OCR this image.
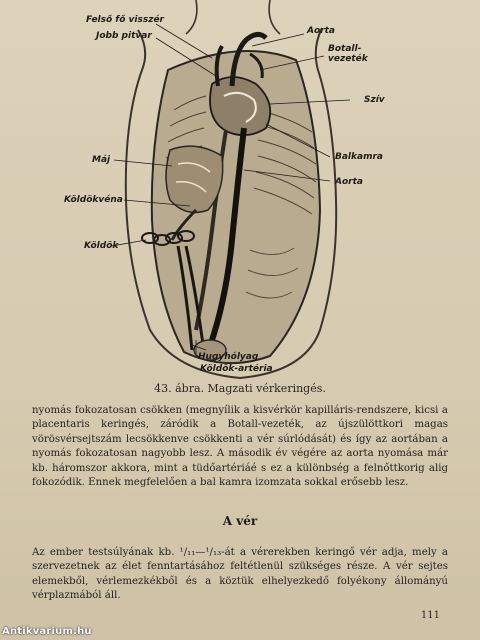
Felső fő visszér
Jobb pitvar	Aorta
Botall-
vezeték
Szív
Máj	Balkamra
Aorta
Köldökvéna
Köldök
Hugyhólyag
Köldök-artéria
43. ábra. Magzati vérkeringés.
nyomás fokozatosan csökken (megnyílik a kisvérkör kapilláris-rendszere, kicsi a placentaris keringés, záródik a Botall-vezeték, az újszülöttkori magas vörösvérsejtszám lecsökkenve csökkenti a vér súrlódását) és így az aortában a nyomás fokozatosan nagyobb lesz. A második év végére az aorta nyomása már kb. háromszor akkora, mint a tüdőartériáé s ez a különbség a felnőttkorig alig fokozódik. Ennek megfelelően a bal kamra izomzata sokkal erősebb lesz.
A vér
Az ember testsúlyának kb. ¹/₁₁—¹/₁₃-át a vérerekben keringő vér adja, mely a szervezetnek az élet fenntartásához feltétlenül szükséges része. A vér sejtes elemekből, vérlemezkékből és a köztük elhelyezkedő folyékony állományú vérplazmából áll.
111
Antikvarium.hu
